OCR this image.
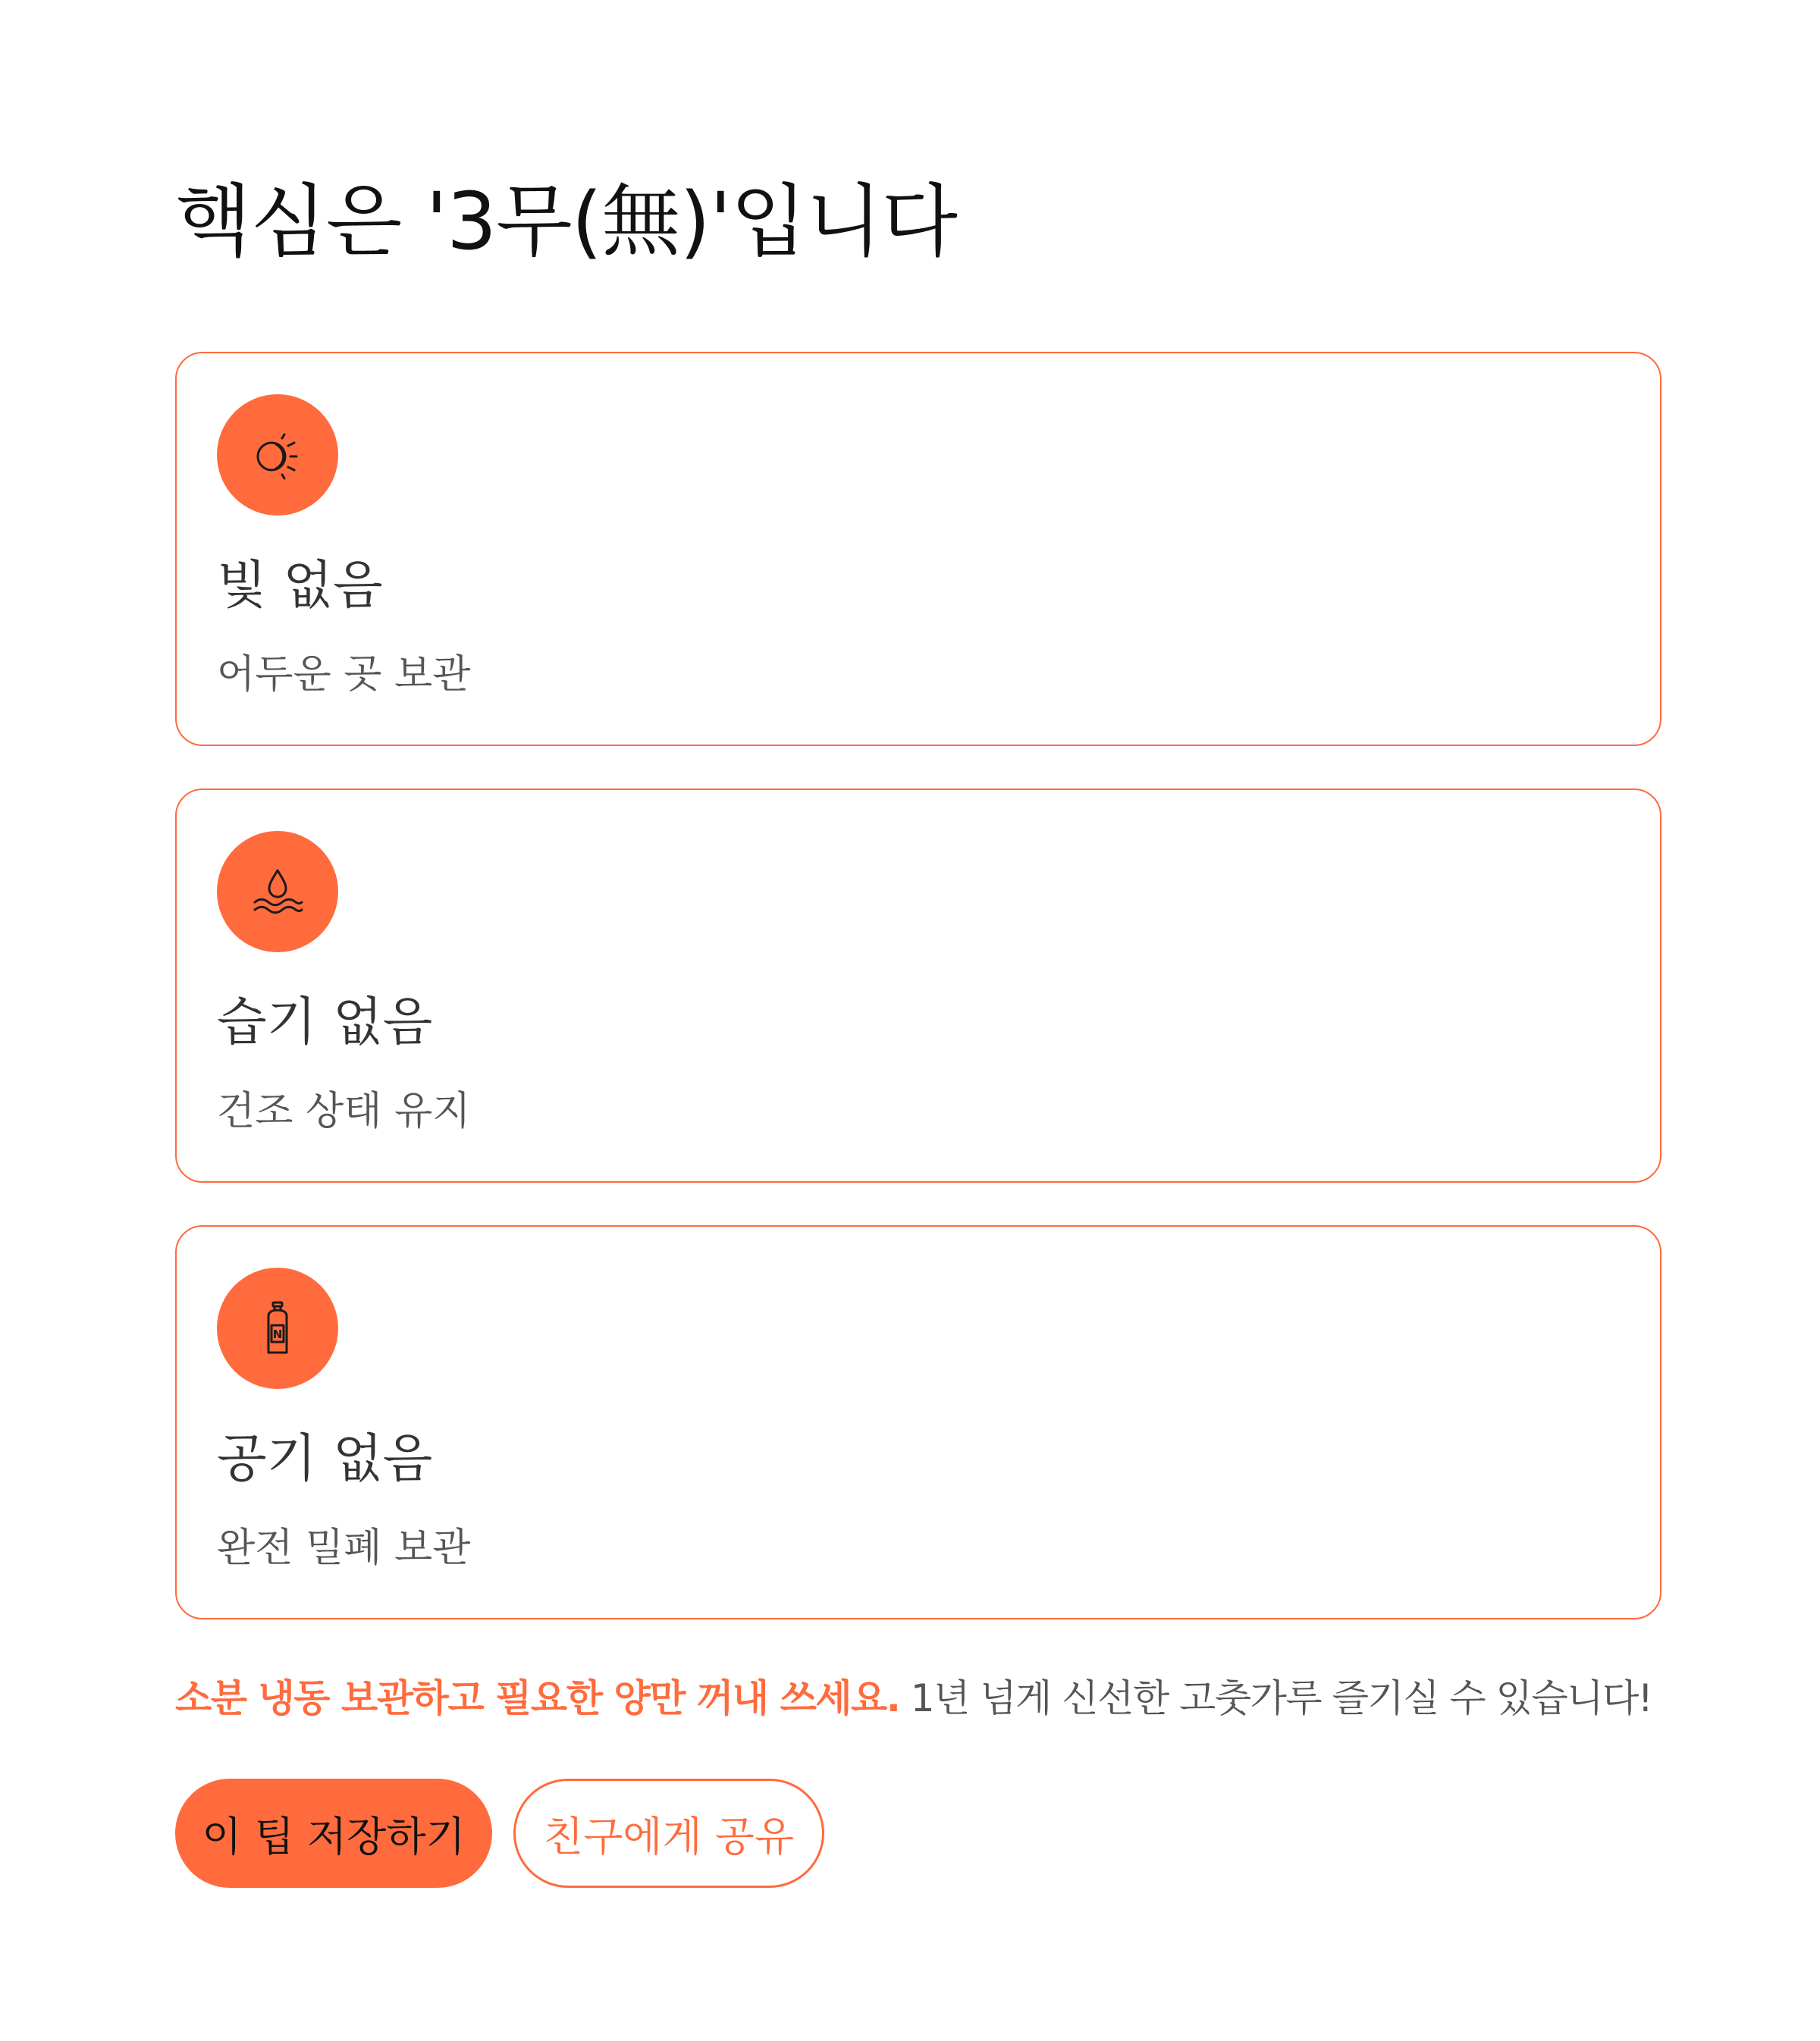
핵심은 '3무(無)'입니다

빛 없음

어두운 곳 보관

습기 없음

건조 상태 유지

N

공기 없음

완전 밀폐 보관

소분 냉동 보관하고 필요한 양만 꺼내 쓰세요. 1년 넘게 신선한 고춧가루 즐기실 수 있습니다!

이 팁 저장하기	친구에게 공유
